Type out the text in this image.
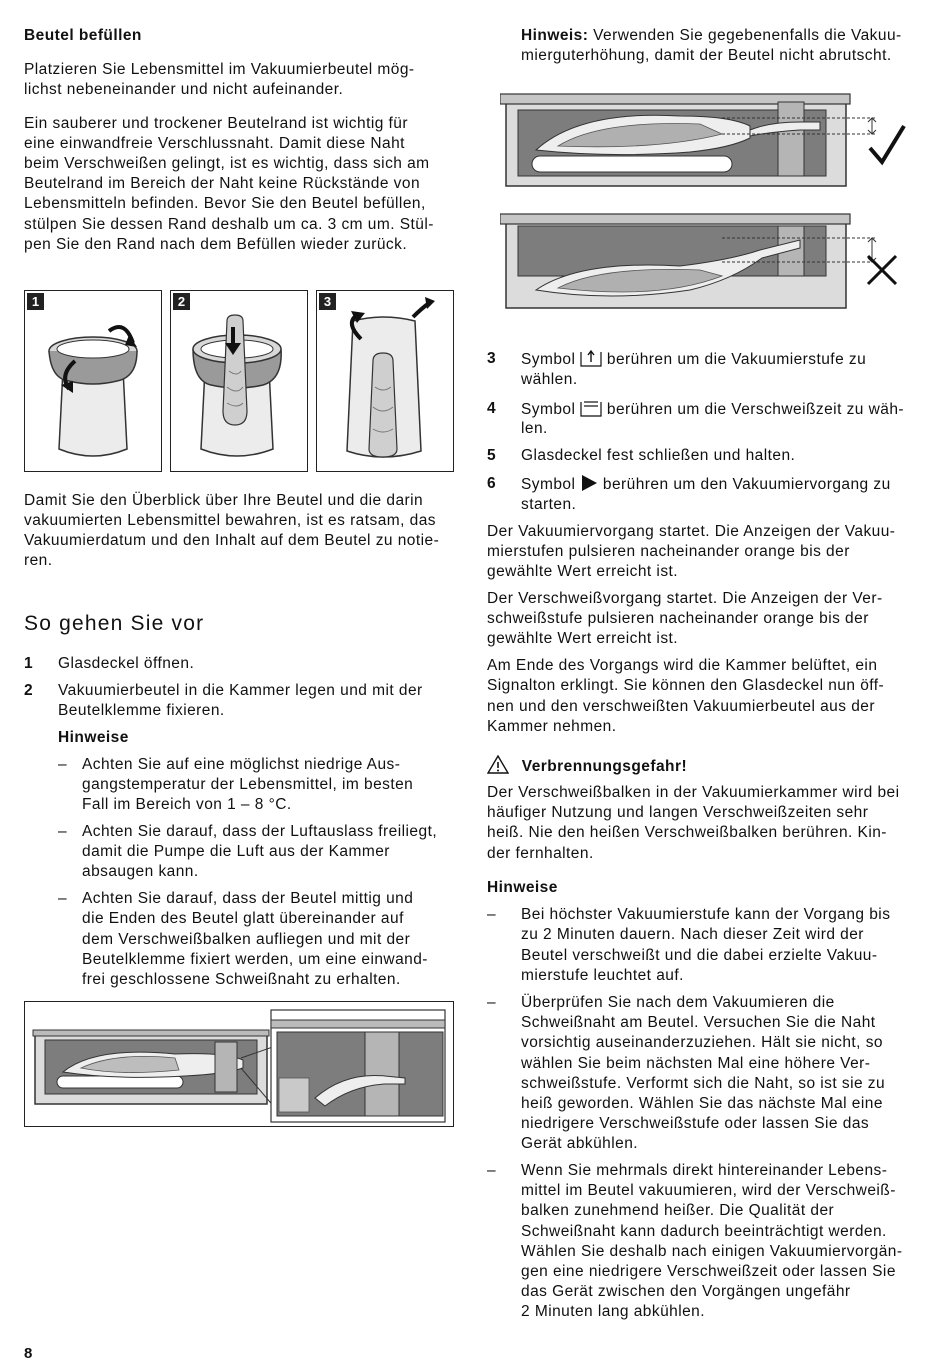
Beutel befüllen
Platzieren Sie Lebensmittel im Vakuumierbeutel mög-
lichst nebeneinander und nicht aufeinander.
Ein sauberer und trockener Beutelrand ist wichtig für
eine einwandfreie Verschlussnaht. Damit diese Naht
beim Verschweißen gelingt, ist es wichtig, dass sich am
Beutelrand im Bereich der Naht keine Rückstände von
Lebensmitteln befinden. Bevor Sie den Beutel befüllen,
stülpen Sie dessen Rand deshalb um ca. 3 cm um. Stül-
pen Sie den Rand nach dem Befüllen wieder zurück.
1	2	3
Damit Sie den Überblick über Ihre Beutel und die darin
vakuumierten Lebensmittel bewahren, ist es ratsam, das
Vakuumierdatum und den Inhalt auf dem Beutel zu notie-
ren.
So gehen Sie vor
1 Glasdeckel öffnen.
2 Vakuumierbeutel in die Kammer legen und mit der
Beutelklemme fixieren.
Hinweise
– Achten Sie auf eine möglichst niedrige Aus-
gangstemperatur der Lebensmittel, im besten
Fall im Bereich von 1 – 8 °C.
– Achten Sie darauf, dass der Luftauslass freiliegt,
damit die Pumpe die Luft aus der Kammer
absaugen kann.
– Achten Sie darauf, dass der Beutel mittig und
die Enden des Beutel glatt übereinander auf
dem Verschweißbalken aufliegen und mit der
Beutelklemme fixiert werden, um eine einwand-
frei geschlossene Schweißnaht zu erhalten.
Hinweis: Verwenden Sie gegebenenfalls die Vakuu-
mierguterhöhung, damit der Beutel nicht abrutscht.
3 Symbol  berühren um die Vakuumierstufe zu
wählen.
4 Symbol  berühren um die Verschweißzeit zu wäh-
len.
5 Glasdeckel fest schließen und halten.
6 Symbol  berühren um den Vakuumiervorgang zu
starten.
Der Vakuumiervorgang startet. Die Anzeigen der Vakuu-
mierstufen pulsieren nacheinander orange bis der
gewählte Wert erreicht ist.
Der Verschweißvorgang startet. Die Anzeigen der Ver-
schweißstufe pulsieren nacheinander orange bis der
gewählte Wert erreicht ist.
Am Ende des Vorgangs wird die Kammer belüftet, ein
Signalton erklingt. Sie können den Glasdeckel nun öff-
nen und den verschweißten Vakuumierbeutel aus der
Kammer nehmen.
Verbrennungsgefahr!
Der Verschweißbalken in der Vakuumierkammer wird bei
häufiger Nutzung und langen Verschweißzeiten sehr
heiß. Nie den heißen Verschweißbalken berühren. Kin-
der fernhalten.
Hinweise
– Bei höchster Vakuumierstufe kann der Vorgang bis
zu 2 Minuten dauern. Nach dieser Zeit wird der
Beutel verschweißt und die dabei erzielte Vakuu-
mierstufe leuchtet auf.
– Überprüfen Sie nach dem Vakuumieren die
Schweißnaht am Beutel. Versuchen Sie die Naht
vorsichtig auseinanderzuziehen. Hält sie nicht, so
wählen Sie beim nächsten Mal eine höhere Ver-
schweißstufe. Verformt sich die Naht, so ist sie zu
heiß geworden. Wählen Sie das nächste Mal eine
niedrigere Verschweißstufe oder lassen Sie das
Gerät abkühlen.
– Wenn Sie mehrmals direkt hintereinander Lebens-
mittel im Beutel vakuumieren, wird der Verschweiß-
balken zunehmend heißer. Die Qualität der
Schweißnaht kann dadurch beeinträchtigt werden.
Wählen Sie deshalb nach einigen Vakuumiervorgän-
gen eine niedrigere Verschweißzeit oder lassen Sie
das Gerät zwischen den Vorgängen ungefähr
2 Minuten lang abkühlen.
8
